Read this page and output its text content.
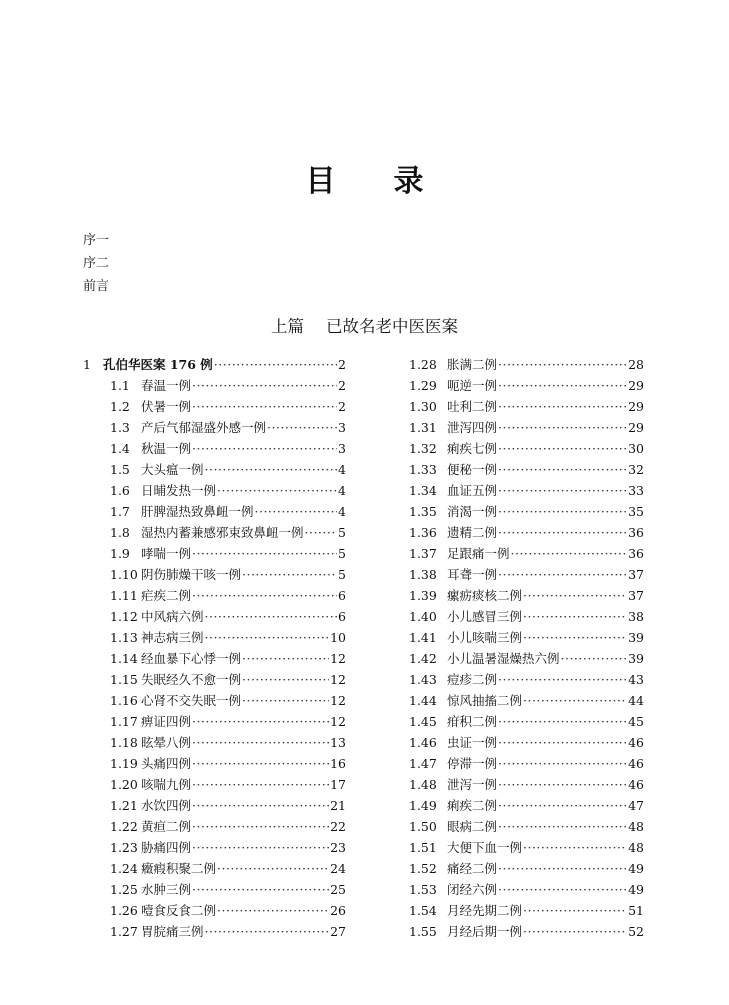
目 录
序一
序二
前言
上篇 已故名老中医医案
1 孔伯华医案 176 例 ·····	2
1.1 春温一例 ·····	2
1.2 伏暑一例 ·····	2
1.3 产后气郁湿盛外感一例 ·····	3
1.4 秋温一例 ·····	3
1.5 大头瘟一例 ·····	4
1.6 日晡发热一例 ·····	4
1.7 肝脾湿热致鼻衄一例 ·····	4
1.8 湿热内蓄兼感邪束致鼻衄一例 ·····	5
1.9 哮喘一例 ·····	5
1.10 阴伤肺燥干咳一例 ·····	5
1.11 疟疾二例 ·····	6
1.12 中风病六例 ·····	6
1.13 神志病三例 ·····	10
1.14 经血暴下心悸一例 ·····	12
1.15 失眠经久不愈一例 ·····	12
1.16 心肾不交失眠一例 ·····	12
1.17 痹证四例 ·····	12
1.18 眩晕八例 ·····	13
1.19 头痛四例 ·····	16
1.20 咳喘九例 ·····	17
1.21 水饮四例 ·····	21
1.22 黄疸二例 ·····	22
1.23 胁痛四例 ·····	23
1.24 癥瘕积聚二例 ·····	24
1.25 水肿三例 ·····	25
1.26 噎食反食二例 ·····	26
1.27 胃脘痛三例 ·····	27
1.28 胀满二例 ·····	28
1.29 呃逆一例 ·····	29
1.30 吐利二例 ·····	29
1.31 泄泻四例 ·····	29
1.32 痢疾七例 ·····	30
1.33 便秘一例 ·····	32
1.34 血证五例 ·····	33
1.35 消渴一例 ·····	35
1.36 遗精二例 ·····	36
1.37 足跟痛一例 ·····	36
1.38 耳聋一例 ·····	37
1.39 瘰疬痰核二例 ·····	37
1.40 小儿感冒三例 ·····	38
1.41 小儿咳喘三例 ·····	39
1.42 小儿温暑湿燥热六例 ·····	39
1.43 痘疹二例 ·····	43
1.44 惊风抽搐二例 ·····	44
1.45 疳积二例 ·····	45
1.46 虫证一例 ·····	46
1.47 停滞一例 ·····	46
1.48 泄泻一例 ·····	46
1.49 痢疾二例 ·····	47
1.50 眼病二例 ·····	48
1.51 大便下血一例 ·····	48
1.52 痛经二例 ·····	49
1.53 闭经六例 ·····	49
1.54 月经先期二例 ·····	51
1.55 月经后期一例 ·····	52
